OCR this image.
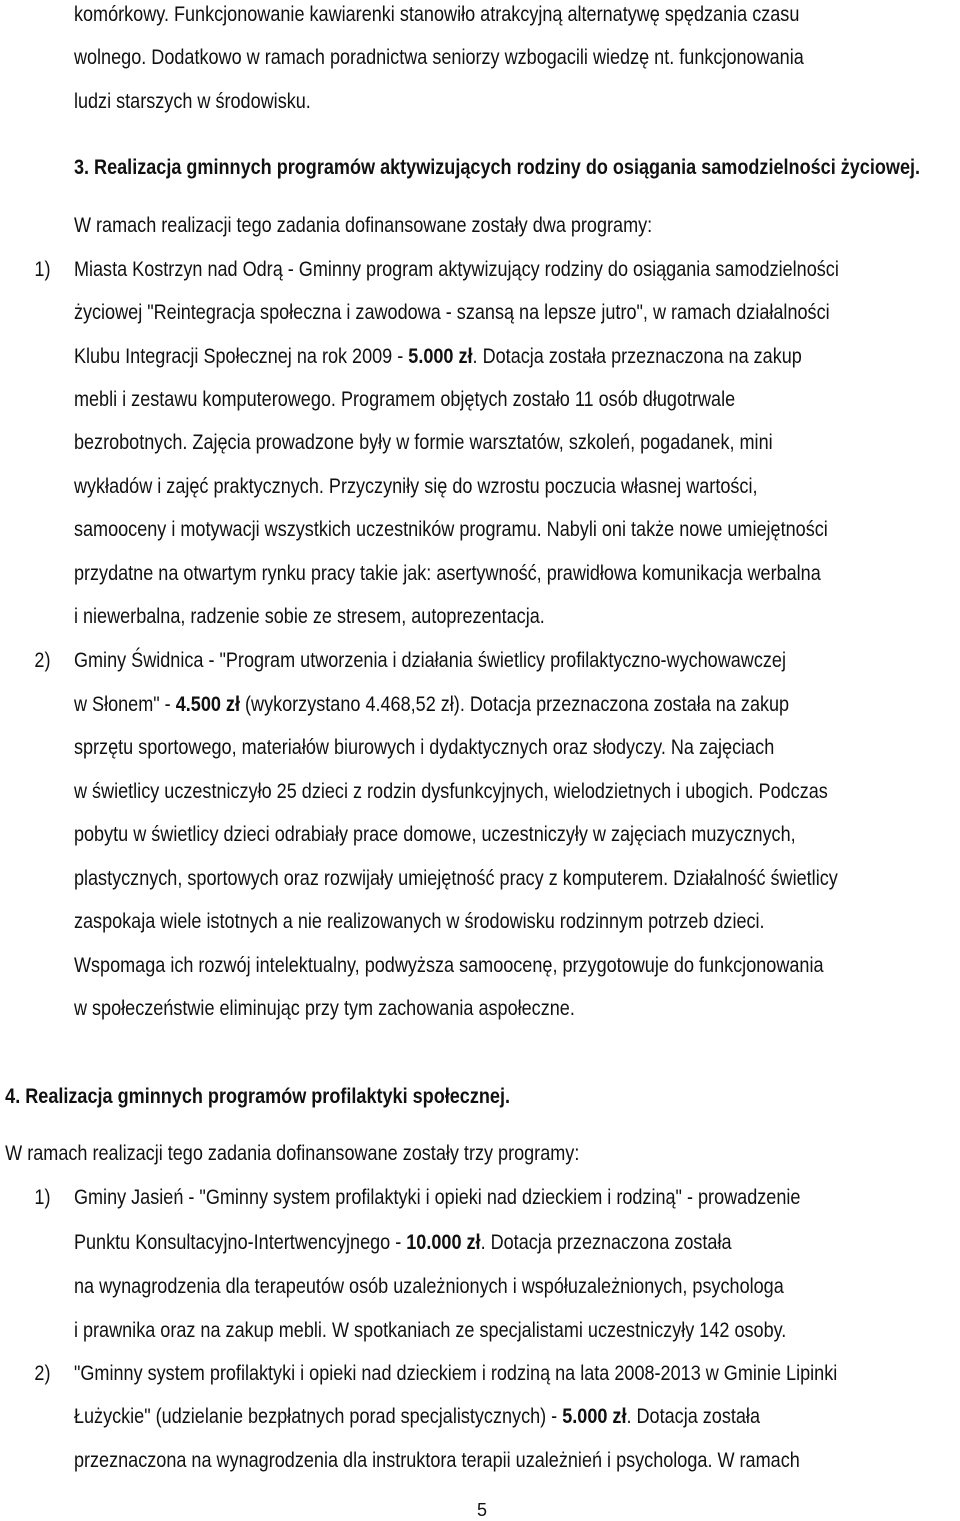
komórkowy. Funkcjonowanie kawiarenki stanowiło atrakcyjną alternatywę spędzania czasu
wolnego. Dodatkowo w ramach poradnictwa seniorzy wzbogacili wiedzę nt. funkcjonowania
ludzi starszych w środowisku.
3. Realizacja gminnych programów aktywizujących rodziny do osiągania samodzielności życiowej.
W ramach realizacji tego zadania dofinansowane zostały dwa programy:
1) Miasta Kostrzyn nad Odrą - Gminny program aktywizujący rodziny do osiągania samodzielności
życiowej "Reintegracja społeczna i zawodowa - szansą na lepsze jutro", w ramach działalności
Klubu Integracji Społecznej na rok 2009 - 5.000 zł. Dotacja została przeznaczona na zakup
mebli i zestawu komputerowego. Programem objętych zostało 11 osób długotrwale
bezrobotnych. Zajęcia prowadzone były w formie warsztatów, szkoleń, pogadanek, mini
wykładów i zajęć praktycznych. Przyczyniły się do wzrostu poczucia własnej wartości,
samooceny i motywacji wszystkich uczestników programu. Nabyli oni także nowe umiejętności
przydatne na otwartym rynku pracy takie jak: asertywność, prawidłowa komunikacja werbalna
i niewerbalna, radzenie sobie ze stresem, autoprezentacja.
2) Gminy Świdnica - "Program utworzenia i działania świetlicy profilaktyczno-wychowawczej
w Słonem" - 4.500 zł (wykorzystano 4.468,52 zł). Dotacja przeznaczona została na zakup
sprzętu sportowego, materiałów biurowych i dydaktycznych oraz słodyczy. Na zajęciach
w świetlicy uczestniczyło 25 dzieci z rodzin dysfunkcyjnych, wielodzietnych i ubogich. Podczas
pobytu w świetlicy dzieci odrabiały prace domowe, uczestniczyły w zajęciach muzycznych,
plastycznych, sportowych oraz rozwijały umiejętność pracy z komputerem. Działalność świetlicy
zaspokaja wiele istotnych a nie realizowanych w środowisku rodzinnym potrzeb dzieci.
Wspomaga ich rozwój intelektualny, podwyższa samoocenę, przygotowuje do funkcjonowania
w społeczeństwie eliminując przy tym zachowania aspołeczne.
4. Realizacja gminnych programów profilaktyki społecznej.
W ramach realizacji tego zadania dofinansowane zostały trzy programy:
1) Gminy Jasień - "Gminny system profilaktyki i opieki nad dzieckiem i rodziną" - prowadzenie
Punktu Konsultacyjno-Intertwencyjnego - 10.000 zł. Dotacja przeznaczona została
na wynagrodzenia dla terapeutów osób uzależnionych i współuzależnionych, psychologa
i prawnika oraz na zakup mebli. W spotkaniach ze specjalistami uczestniczyły 142 osoby.
2) "Gminny system profilaktyki i opieki nad dzieckiem i rodziną na lata 2008-2013 w Gminie Lipinki
Łużyckie" (udzielanie bezpłatnych porad specjalistycznych) - 5.000 zł. Dotacja została
przeznaczona na wynagrodzenia dla instruktora terapii uzależnień i psychologa. W ramach
5
